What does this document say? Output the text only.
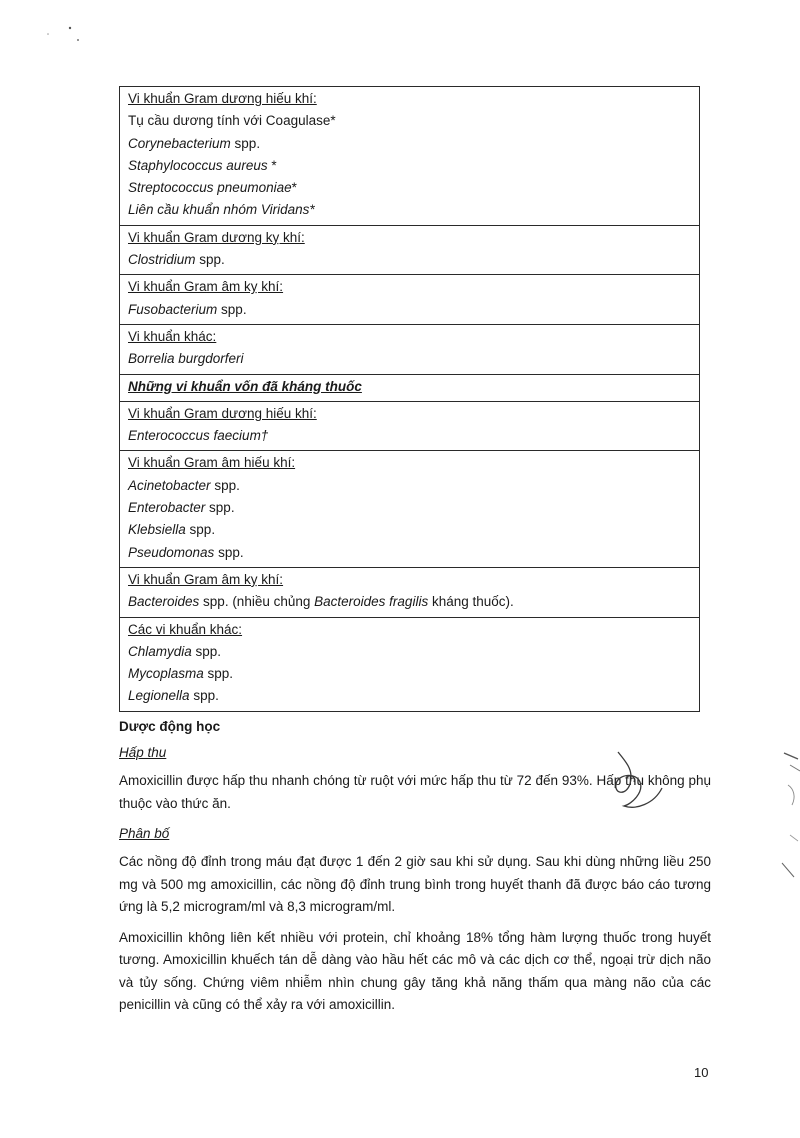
Vi khuẩn Gram dương hiếu khí:
Tụ cầu dương tính với Coagulase*
Corynebacterium spp.
Staphylococcus aureus *
Streptococcus pneumoniae*
Liên cầu khuẩn nhóm Viridans*
Vi khuẩn Gram dương kỵ khí:
Clostridium spp.
Vi khuẩn Gram âm kỵ khí:
Fusobacterium spp.
Vi khuẩn khác:
Borrelia burgdorferi
Những vi khuẩn vốn đã kháng thuốc
Vi khuẩn Gram dương hiếu khí:
Enterococcus faecium†
Vi khuẩn Gram âm hiếu khí:
Acinetobacter spp.
Enterobacter spp.
Klebsiella spp.
Pseudomonas spp.
Vi khuẩn Gram âm kỵ khí:
Bacteroides spp. (nhiều chủng Bacteroides fragilis kháng thuốc).
Các vi khuẩn khác:
Chlamydia spp.
Mycoplasma spp.
Legionella spp.
Dược động học
Hấp thu

Amoxicillin được hấp thu nhanh chóng từ ruột với mức hấp thu từ 72 đến 93%. Hấp thu không phụ thuộc vào thức ăn.

Phân bố

Các nồng độ đỉnh trong máu đạt được 1 đến 2 giờ sau khi sử dụng. Sau khi dùng những liều 250 mg và 500 mg amoxicillin, các nồng độ đỉnh trung bình trong huyết thanh đã được báo cáo tương ứng là 5,2 microgram/ml và 8,3 microgram/ml.

Amoxicillin không liên kết nhiều với protein, chỉ khoảng 18% tổng hàm lượng thuốc trong huyết tương. Amoxicillin khuếch tán dễ dàng vào hầu hết các mô và các dịch cơ thể, ngoại trừ dịch não và tủy sống. Chứng viêm nhiễm nhìn chung gây tăng khả năng thấm qua màng não của các penicillin và cũng có thể xảy ra với amoxicillin.

10
